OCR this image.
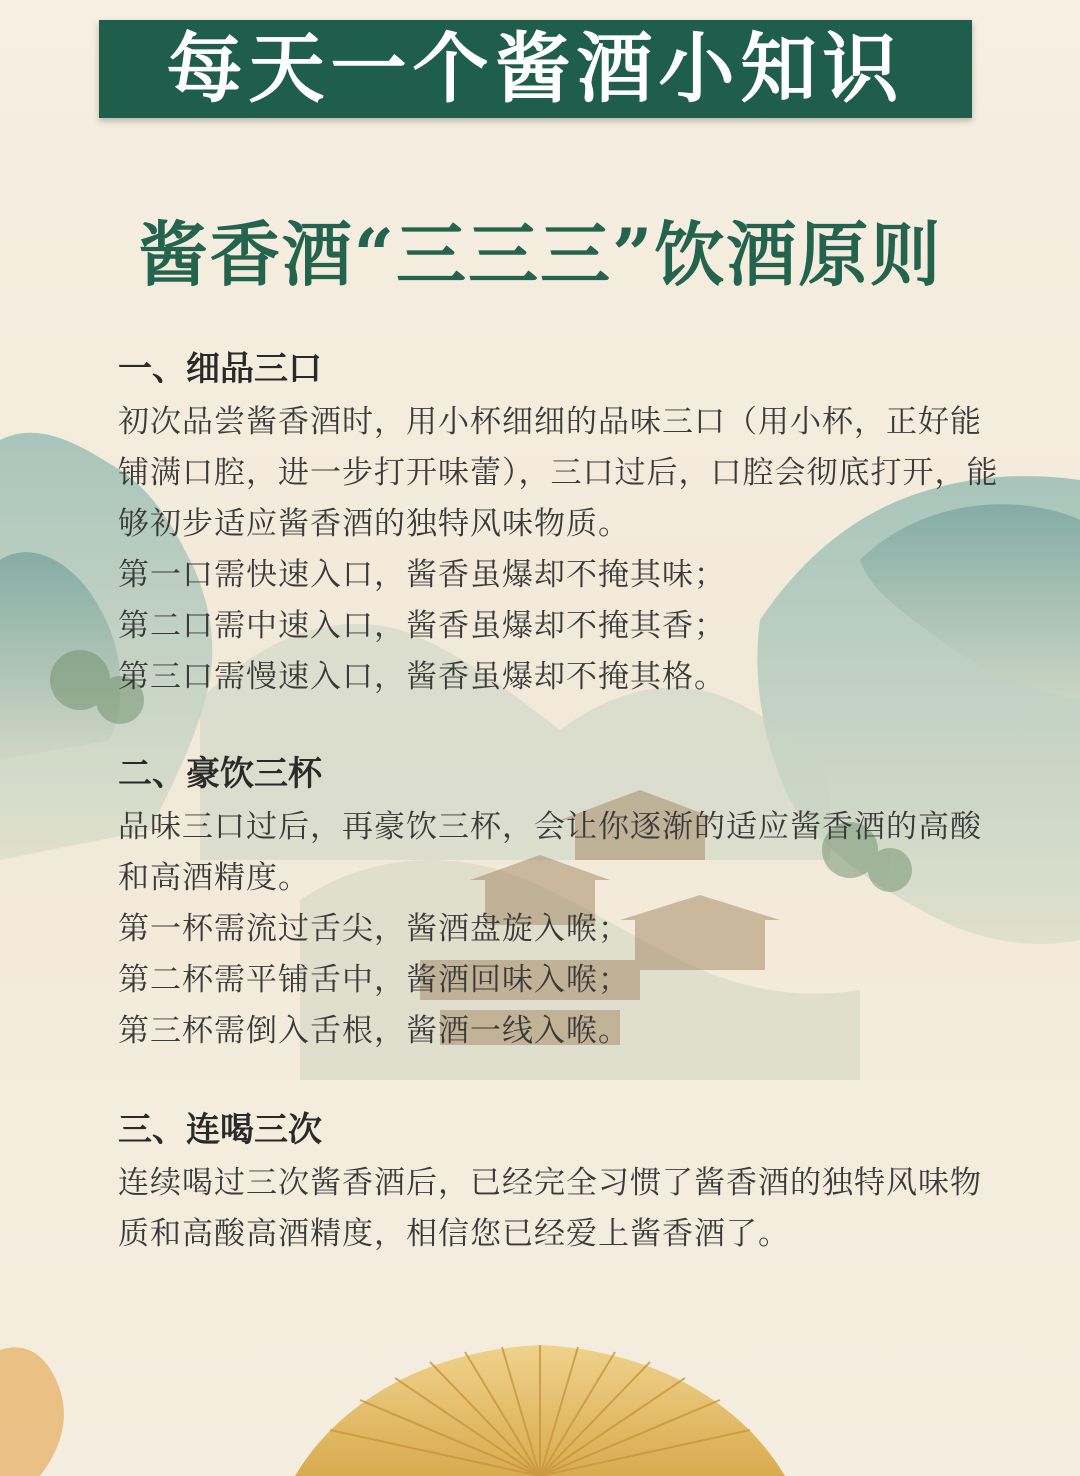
每天一个酱酒小知识
酱香酒“三三三”饮酒原则
一、细品三口

初次品尝酱香酒时，用小杯细细的品味三口（用小杯，正好能铺满口腔，进一步打开味蕾），三口过后，口腔会彻底打开，能够初步适应酱香酒的独特风味物质。

第一口需快速入口，酱香虽爆却不掩其味；
第二口需中速入口，酱香虽爆却不掩其香；
第三口需慢速入口，酱香虽爆却不掩其格。
二、豪饮三杯

品味三口过后，再豪饮三杯，会让你逐渐的适应酱香酒的高酸和高酒精度。

第一杯需流过舌尖，酱酒盘旋入喉；
第二杯需平铺舌中，酱酒回味入喉；
第三杯需倒入舌根，酱酒一线入喉。
三、连喝三次

连续喝过三次酱香酒后，已经完全习惯了酱香酒的独特风味物质和高酸高酒精度，相信您已经爱上酱香酒了。
